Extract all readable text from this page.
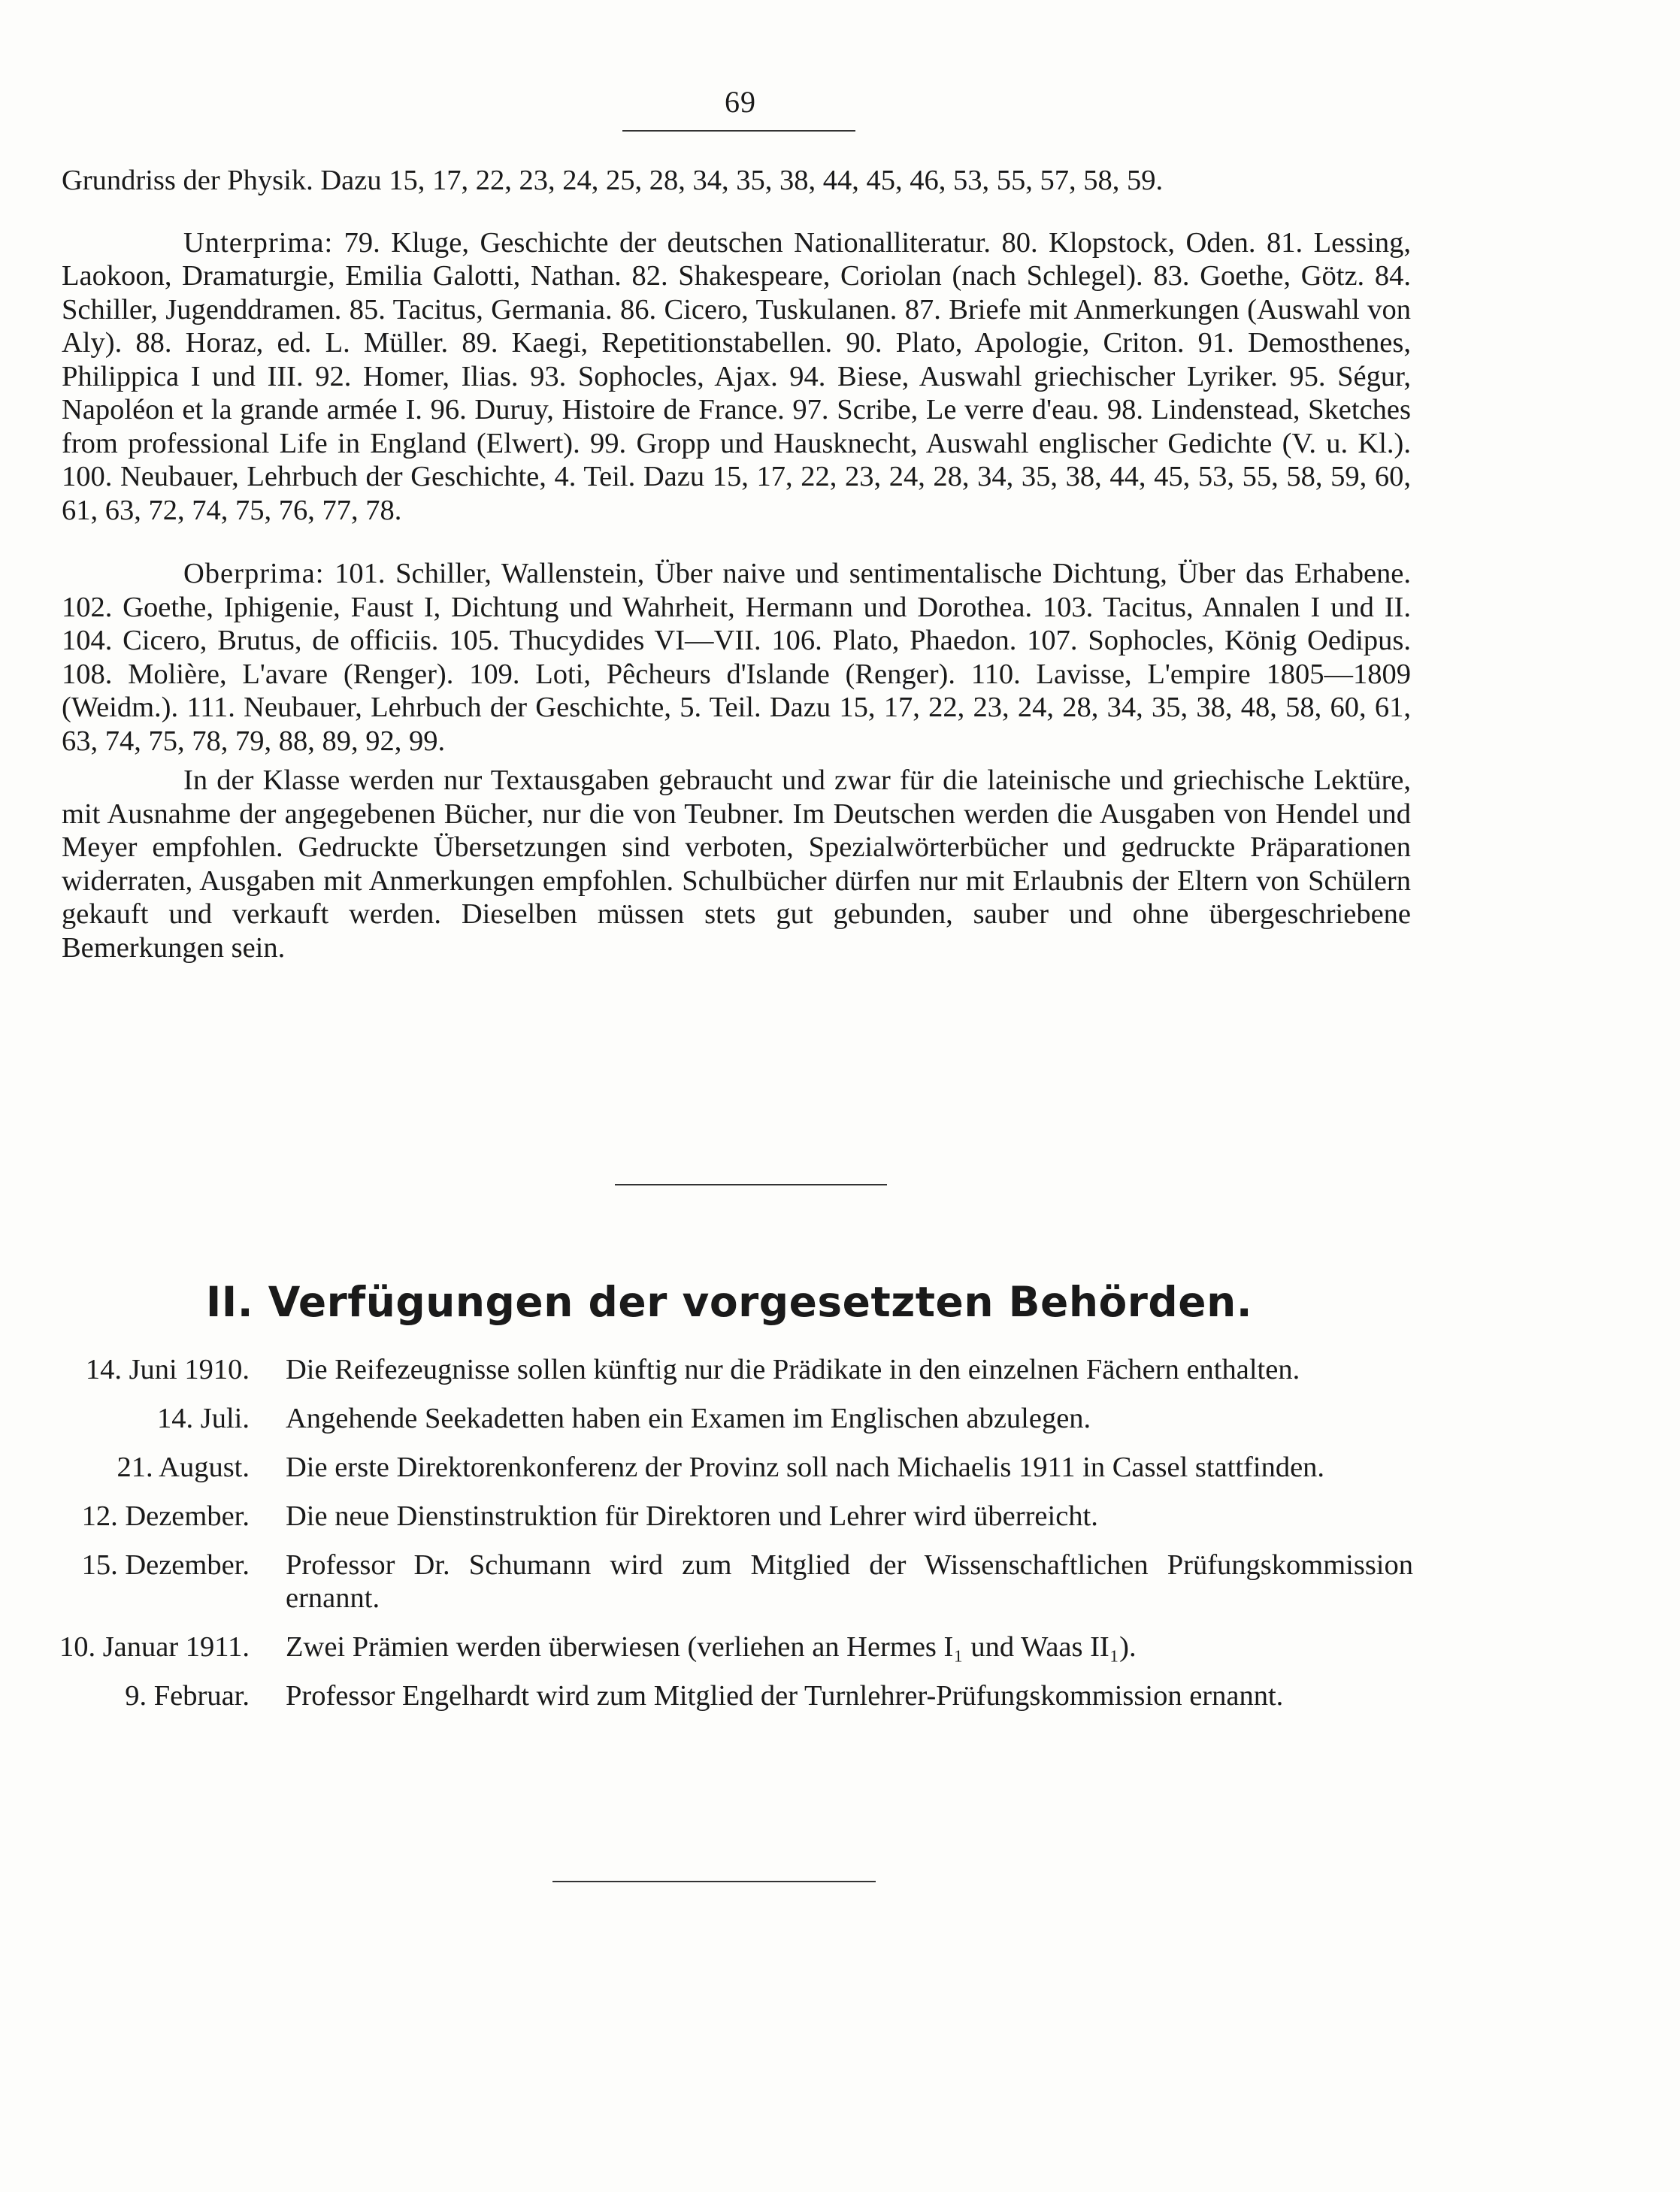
69

Grundriss der Physik. Dazu 15, 17, 22, 23, 24, 25, 28, 34, 35, 38, 44, 45, 46, 53, 55, 57, 58, 59.

Unterprima: 79. Kluge, Geschichte der deutschen Nationalliteratur. 80. Klopstock, Oden. 81. Lessing, Laokoon, Dramaturgie, Emilia Galotti, Nathan. 82. Shakespeare, Coriolan (nach Schlegel). 83. Goethe, Götz. 84. Schiller, Jugenddramen. 85. Tacitus, Germania. 86. Cicero, Tuskulanen. 87. Briefe mit Anmerkungen (Auswahl von Aly). 88. Horaz, ed. L. Müller. 89. Kaegi, Repetitionstabellen. 90. Plato, Apologie, Criton. 91. Demosthenes, Philippica I und III. 92. Homer, Ilias. 93. Sophocles, Ajax. 94. Biese, Auswahl griechischer Lyriker. 95. Ségur, Napoléon et la grande armée I. 96. Duruy, Histoire de France. 97. Scribe, Le verre d'eau. 98. Lindenstead, Sketches from professional Life in England (Elwert). 99. Gropp und Hausknecht, Auswahl englischer Gedichte (V. u. Kl.). 100. Neubauer, Lehrbuch der Geschichte, 4. Teil. Dazu 15, 17, 22, 23, 24, 28, 34, 35, 38, 44, 45, 53, 55, 58, 59, 60, 61, 63, 72, 74, 75, 76, 77, 78.

Oberprima: 101. Schiller, Wallenstein, Über naive und sentimentalische Dichtung, Über das Erhabene. 102. Goethe, Iphigenie, Faust I, Dichtung und Wahrheit, Hermann und Dorothea. 103. Tacitus, Annalen I und II. 104. Cicero, Brutus, de officiis. 105. Thucydides VI—VII. 106. Plato, Phaedon. 107. Sophocles, König Oedipus. 108. Molière, L'avare (Renger). 109. Loti, Pêcheurs d'Islande (Renger). 110. Lavisse, L'empire 1805—1809 (Weidm.). 111. Neubauer, Lehrbuch der Geschichte, 5. Teil. Dazu 15, 17, 22, 23, 24, 28, 34, 35, 38, 48, 58, 60, 61, 63, 74, 75, 78, 79, 88, 89, 92, 99.

In der Klasse werden nur Textausgaben gebraucht und zwar für die lateinische und griechische Lektüre, mit Ausnahme der angegebenen Bücher, nur die von Teubner. Im Deutschen werden die Ausgaben von Hendel und Meyer empfohlen. Gedruckte Übersetzungen sind verboten, Spezialwörterbücher und gedruckte Präparationen widerraten, Ausgaben mit Anmerkungen empfohlen. Schulbücher dürfen nur mit Erlaubnis der Eltern von Schülern gekauft und verkauft werden. Dieselben müssen stets gut gebunden, sauber und ohne übergeschriebene Bemerkungen sein.

II. Verfügungen der vorgesetzten Behörden.
14. Juni 1910.	Die Reifezeugnisse sollen künftig nur die Prädikate in den einzelnen Fächern enthalten.
14. Juli.	Angehende Seekadetten haben ein Examen im Englischen abzulegen.
21. August.	Die erste Direktorenkonferenz der Provinz soll nach Michaelis 1911 in Cassel stattfinden.
12. Dezember.	Die neue Dienstinstruktion für Direktoren und Lehrer wird überreicht.
15. Dezember.	Professor Dr. Schumann wird zum Mitglied der Wissenschaftlichen Prüfungskommission ernannt.
10. Januar 1911.	Zwei Prämien werden überwiesen (verliehen an Hermes I₁ und Waas II₁).
9. Februar.	Professor Engelhardt wird zum Mitglied der Turnlehrer-Prüfungskommission ernannt.
